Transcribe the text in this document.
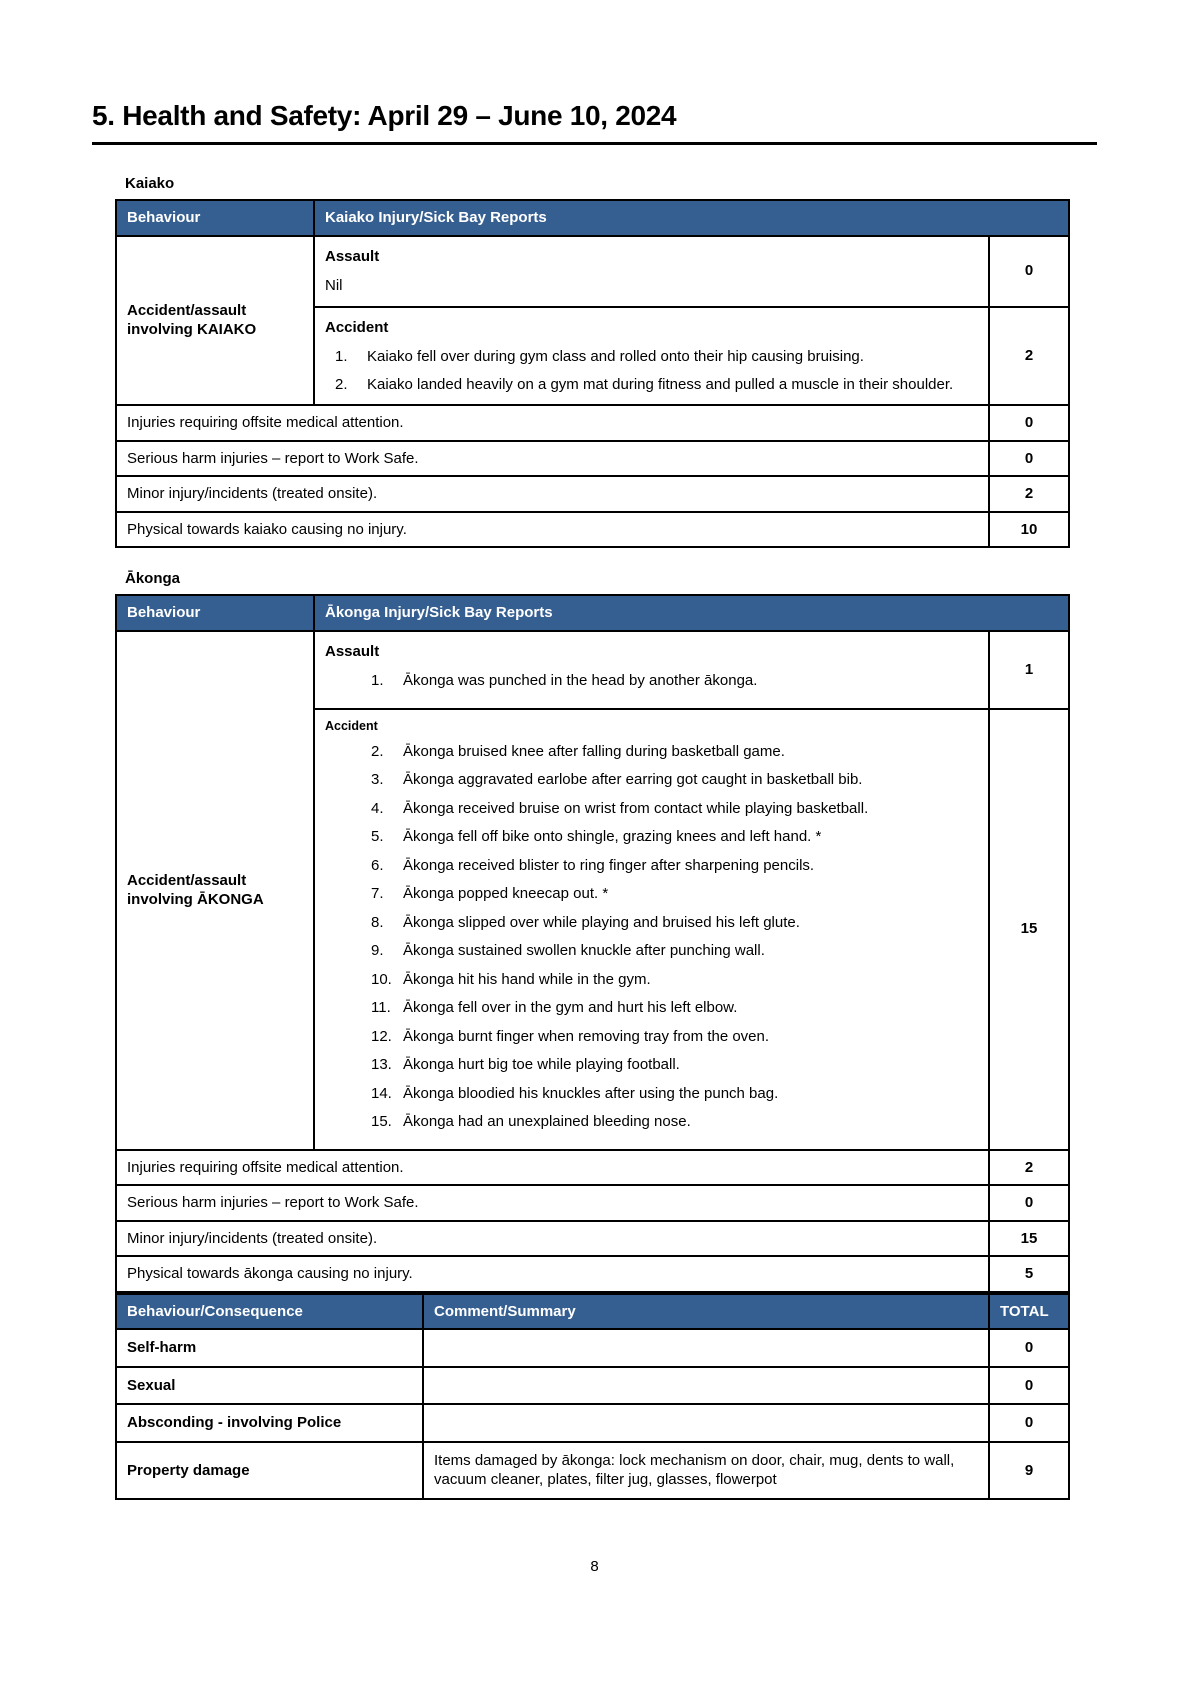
5. Health and Safety: April 29 – June 10, 2024
Kaiako
Behaviour	Kaiako Injury/Sick Bay Reports	
Accident/assault involving KAIAKO	Assault
Nil	0

	Accident
1. Kaiako fell over during gym class and rolled onto their hip causing bruising.
2. Kaiako landed heavily on a gym mat during fitness and pulled a muscle in their shoulder.	2
Injuries requiring offsite medical attention.		0
Serious harm injuries – report to Work Safe.		0
Minor injury/incidents (treated onsite).		2
Physical towards kaiako causing no injury.		10
Ākonga
Behaviour	Ākonga Injury/Sick Bay Reports	
Accident/assault involving ĀKONGA	Assault
1. Ākonga was punched in the head by another ākonga.	1

Accident
2.	Ākonga bruised knee after falling during basketball game.
3.	Ākonga aggravated earlobe after earring got caught in basketball bib.
4.	Ākonga received bruise on wrist from contact while playing basketball.
5.	Ākonga fell off bike onto shingle, grazing knees and left hand. *
6.	Ākonga received blister to ring finger after sharpening pencils.
7.	Ākonga popped kneecap out. *
8.	Ākonga slipped over while playing and bruised his left glute.
9.	Ākonga sustained swollen knuckle after punching wall.
10. Ākonga hit his hand while in the gym.
11. Ākonga fell over in the gym and hurt his left elbow.
12. Ākonga burnt finger when removing tray from the oven.
13. Ākonga hurt big toe while playing football.
14. Ākonga bloodied his knuckles after using the punch bag.
15. Ākonga had an unexplained bleeding nose.
	15
Injuries requiring offsite medical attention.		2
Serious harm injuries – report to Work Safe.		0
Minor injury/incidents (treated onsite).		15
Physical towards ākonga causing no injury.		5
Behaviour/Consequence	Comment/Summary	TOTAL
Self-harm		0
Sexual		0
Absconding - involving Police		0
Property damage	Items damaged by ākonga: lock mechanism on door, chair, mug, dents to wall, vacuum cleaner, plates, filter jug, glasses, flowerpot	9
8
